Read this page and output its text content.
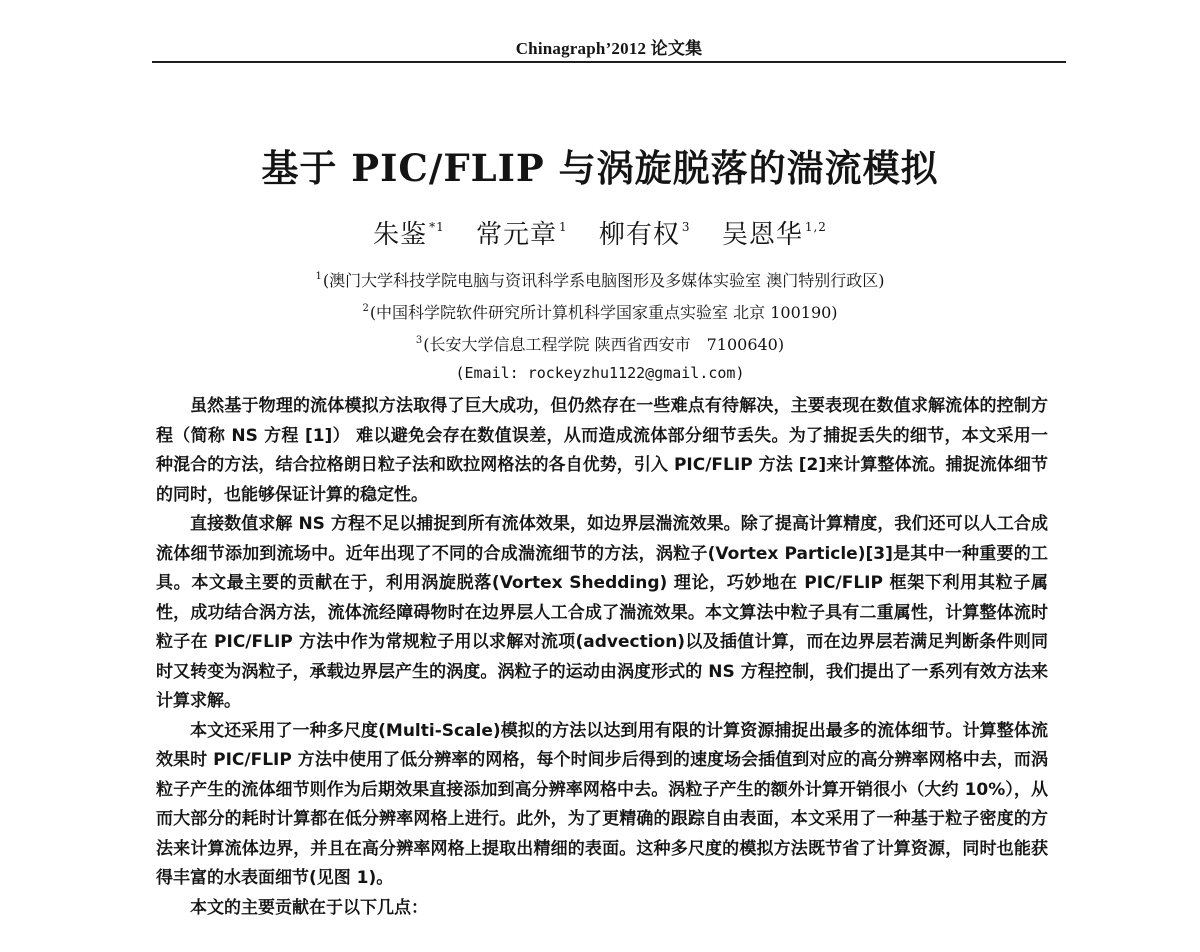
Chinagraph’2012 论文集
基于 PIC/FLIP 与涡旋脱落的湍流模拟
朱鉴 $^{*1}$ 常元章 $^1$ 柳有权 $^3$ 吴恩华 $^{1,2}$
$^1$(澳门大学科技学院电脑与资讯科学系电脑图形及多媒体实验室 澳门特别行政区)
$^2$(中国科学院软件研究所计算机科学国家重点实验室 北京 100190)
$^3$(长安大学信息工程学院 陕西省西安市　7100640)
(Email: rockeyzhu1122@gmail.com)

虽然基于物理的流体模拟方法取得了巨大成功，但仍然存在一些难点有待解决，主要表现在数值求解流体的控制方程（简称 NS 方程 [1]） 难以避免会存在数值误差，从而造成流体部分细节丢失。为了捕捉丢失的细节，本文采用一种混合的方法，结合拉格朗日粒子法和欧拉网格法的各自优势，引入 PIC/FLIP 方法 [2]来计算整体流。捕捉流体细节的同时，也能够保证计算的稳定性。

直接数值求解 NS 方程不足以捕捉到所有流体效果，如边界层湍流效果。除了提高计算精度，我们还可以人工合成流体细节添加到流场中。近年出现了不同的合成湍流细节的方法，涡粒子(Vortex Particle)[3]是其中一种重要的工具。本文最主要的贡献在于，利用涡旋脱落(Vortex Shedding) 理论，巧妙地在 PIC/FLIP 框架下利用其粒子属性，成功结合涡方法，流体流经障碍物时在边界层人工合成了湍流效果。本文算法中粒子具有二重属性，计算整体流时粒子在 PIC/FLIP 方法中作为常规粒子用以求解对流项(advection)以及插值计算，而在边界层若满足判断条件则同时又转变为涡粒子，承载边界层产生的涡度。涡粒子的运动由涡度形式的 NS 方程控制，我们提出了一系列有效方法来计算求解。

本文还采用了一种多尺度(Multi-Scale)模拟的方法以达到用有限的计算资源捕捉出最多的流体细节。计算整体流效果时 PIC/FLIP 方法中使用了低分辨率的网格，每个时间步后得到的速度场会插值到对应的高分辨率网格中去，而涡粒子产生的流体细节则作为后期效果直接添加到高分辨率网格中去。涡粒子产生的额外计算开销很小（大约 10%），从而大部分的耗时计算都在低分辨率网格上进行。此外，为了更精确的跟踪自由表面，本文采用了一种基于粒子密度的方法来计算流体边界，并且在高分辨率网格上提取出精细的表面。这种多尺度的模拟方法既节省了计算资源，同时也能获得丰富的水表面细节(见图 1)。

本文的主要贡献在于以下几点：
